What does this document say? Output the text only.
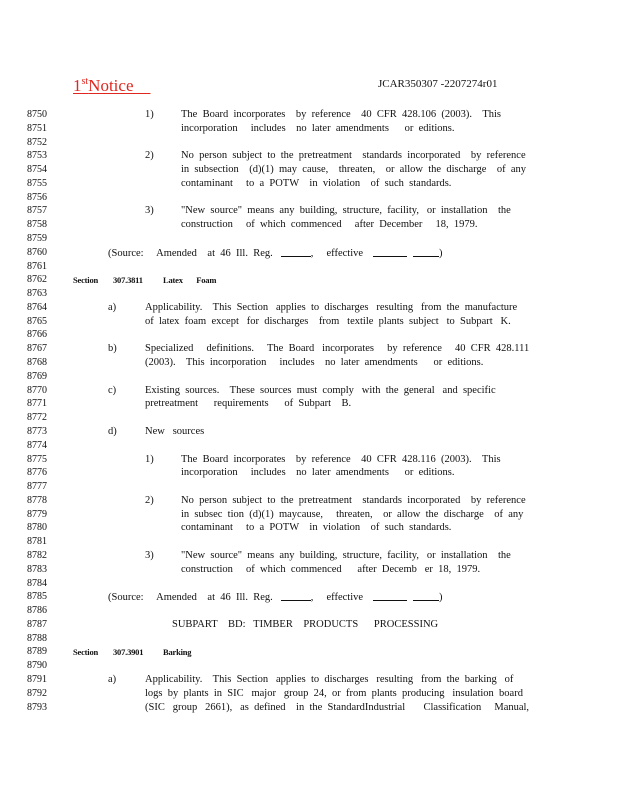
1stNotice	JCAR350307 -2207274r01
8750	1)	The  Board  incorporates    by  reference    40  CFR  428.106  (2003).    This
8751	incorporation     includes    no  later  amendments      or  editions.
8752
8753	2)	No  person  subject  to  the  pretreatment    standards  incorporated    by  reference
8754	in  subsection    (d)(1)  may  cause,    threaten,    or  allow  the  discharge    of  any
8755	contaminant     to  a  POTW    in  violation    of  such  standards.
8756
8757	3)	"New  source"  means  any  building,  structure,  facility,   or  installation    the
8758	construction     of  which  commenced     after  December     18,  1979.
8759
8760	(Source:     Amended    at  46  Ill.  Reg.	,     effective	)
8761
8762	Section 307.3811 Latex       Foam
8763
8764	a)	Applicability.    This  Section   applies  to  discharges   resulting   from  the  manufacture
8765	of  latex  foam  except   for  discharges    from   textile  plants  subject   to  Subpart   K.
8766
8767	b)	Specialized     definitions.     The  Board   incorporates     by  reference     40  CFR  428.111
8768	(2003).    This  incorporation     includes    no  later  amendments      or  editions.
8769
8770	c)	Existing  sources.    These  sources  must  comply   with  the  general   and  specific
8771	pretreatment      requirements      of  Subpart    B.
8772
8773	d)	New   sources
8774
8775	1)	The  Board  incorporates    by  reference    40  CFR  428.116  (2003).    This
8776	incorporation     includes    no  later  amendments      or  editions.
8777
8778	2)	No  person  subject  to  the  pretreatment    standards  incorporated    by  reference
8779	in  subsec  tion  (d)(1)  maycause,     threaten,    or  allow  the  discharge    of  any
8780	contaminant     to  a  POTW    in  violation    of  such  standards.
8781
8782	3)	"New  source"  means  any  building,  structure,  facility,   or  installation    the
8783	construction     of  which  commenced      after  Decemb   er  18,  1979.
8784
8785	(Source:     Amended    at  46  Ill.  Reg.	,     effective	)
8786
8787	SUBPART    BD:   TIMBER    PRODUCTS      PROCESSING
8788
8789	Section 307.3901 Barking
8790
8791	a)	Applicability.    This  Section   applies  to  discharges   resulting   from  the  barking   of
8792	logs  by  plants  in  SIC   major   group  24,  or  from  plants  producing   insulation  board
8793	(SIC   group   2661),   as  defined    in  the  StandardIndustrial       Classification     Manual,
